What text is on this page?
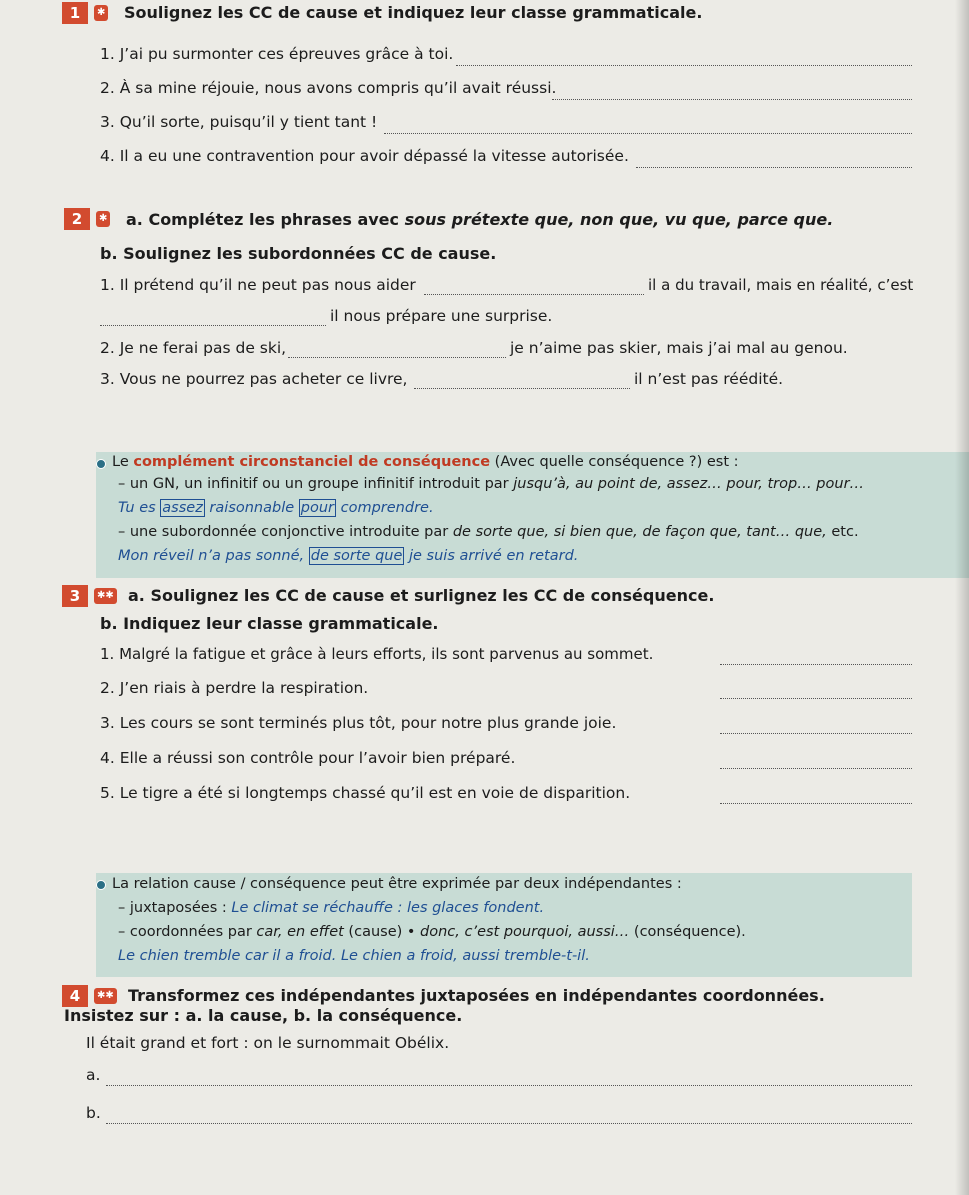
1	✱ Soulignez les CC de cause et indiquez leur classe grammaticale.
1. J’ai pu surmonter ces épreuves grâce à toi.
2. À sa mine réjouie, nous avons compris qu’il avait réussi.
3. Qu’il sorte, puisqu’il y tient tant !
4. Il a eu une contravention pour avoir dépassé la vitesse autorisée.
2	✱ a. Complétez les phrases avec sous prétexte que, non que, vu que, parce que.
b. Soulignez les subordonnées CC de cause.
1. Il prétend qu’il ne peut pas nous aider	il a du travail, mais en réalité, c’est
il nous prépare une surprise.
2. Je ne ferai pas de ski,	je n’aime pas skier, mais j’ai mal au genou.
3. Vous ne pourrez pas acheter ce livre,	il n’est pas réédité.
Le complément circonstanciel de conséquence (Avec quelle conséquence ?) est :
– un GN, un infinitif ou un groupe infinitif introduit par jusqu’à, au point de, assez… pour, trop… pour…
Tu es assez raisonnable pour comprendre.
– une subordonnée conjonctive introduite par de sorte que, si bien que, de façon que, tant… que, etc.
Mon réveil n’a pas sonné, de sorte que je suis arrivé en retard.
3	✱✱ a. Soulignez les CC de cause et surlignez les CC de conséquence.
b. Indiquez leur classe grammaticale.
1. Malgré la fatigue et grâce à leurs efforts, ils sont parvenus au sommet.
2. J’en riais à perdre la respiration.
3. Les cours se sont terminés plus tôt, pour notre plus grande joie.
4. Elle a réussi son contrôle pour l’avoir bien préparé.
5. Le tigre a été si longtemps chassé qu’il est en voie de disparition.
La relation cause / conséquence peut être exprimée par deux indépendantes :
– juxtaposées : Le climat se réchauffe : les glaces fondent.
– coordonnées par car, en effet (cause) • donc, c’est pourquoi, aussi… (conséquence).
Le chien tremble car il a froid. Le chien a froid, aussi tremble-t-il.
4	✱✱ Transformez ces indépendantes juxtaposées en indépendantes coordonnées.
Insistez sur : a. la cause, b. la conséquence.
Il était grand et fort : on le surnommait Obélix.
a.
b.
